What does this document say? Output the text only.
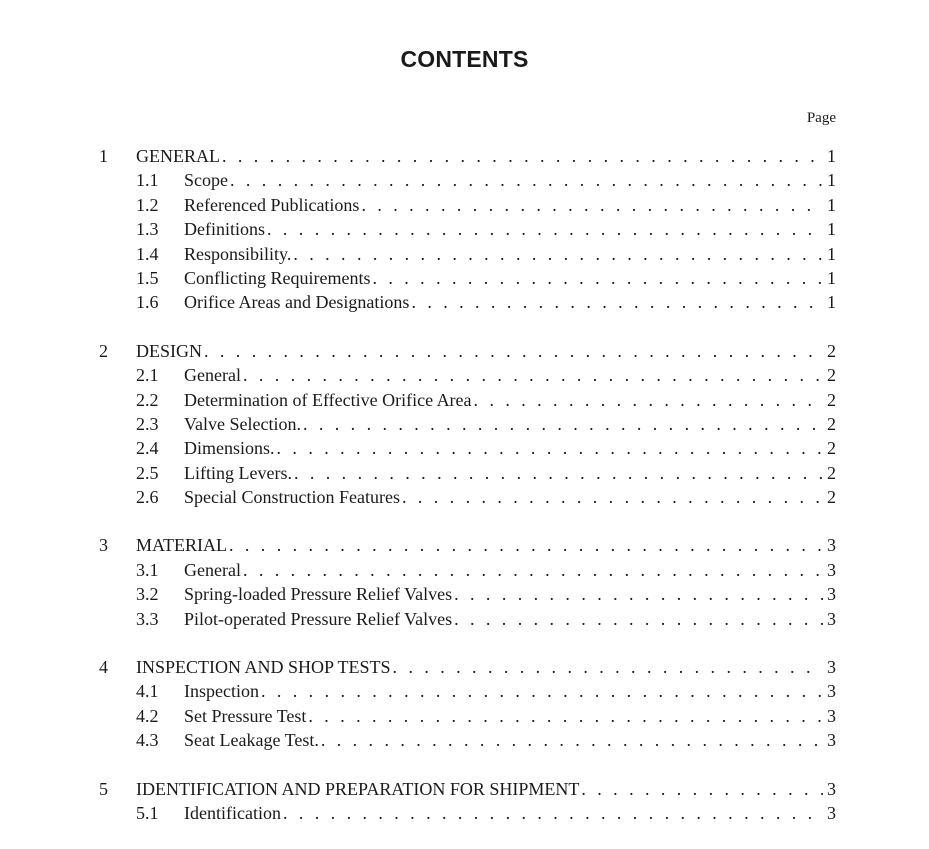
CONTENTS
Page
1 GENERAL . . .	1
1.1 Scope . . .	1
1.2 Referenced Publications . . .	1
1.3 Definitions . . .	1
1.4 Responsibility. . . .	1
1.5 Conflicting Requirements . . .	1
1.6 Orifice Areas and Designations . . .	1
2 DESIGN . . .	2
2.1 General . . .	2
2.2 Determination of Effective Orifice Area . . .	2
2.3 Valve Selection. . . .	2
2.4 Dimensions. . . .	2
2.5 Lifting Levers. . . .	2
2.6 Special Construction Features . . .	2
3 MATERIAL . . .	3
3.1 General . . .	3
3.2 Spring-loaded Pressure Relief Valves . . .	3
3.3 Pilot-operated Pressure Relief Valves . . .	3
4 INSPECTION AND SHOP TESTS . . .	3
4.1 Inspection . . .	3
4.2 Set Pressure Test . . .	3
4.3 Seat Leakage Test. . . .	3
5 IDENTIFICATION AND PREPARATION FOR SHIPMENT . . .	3
5.1 Identification . . .	3
